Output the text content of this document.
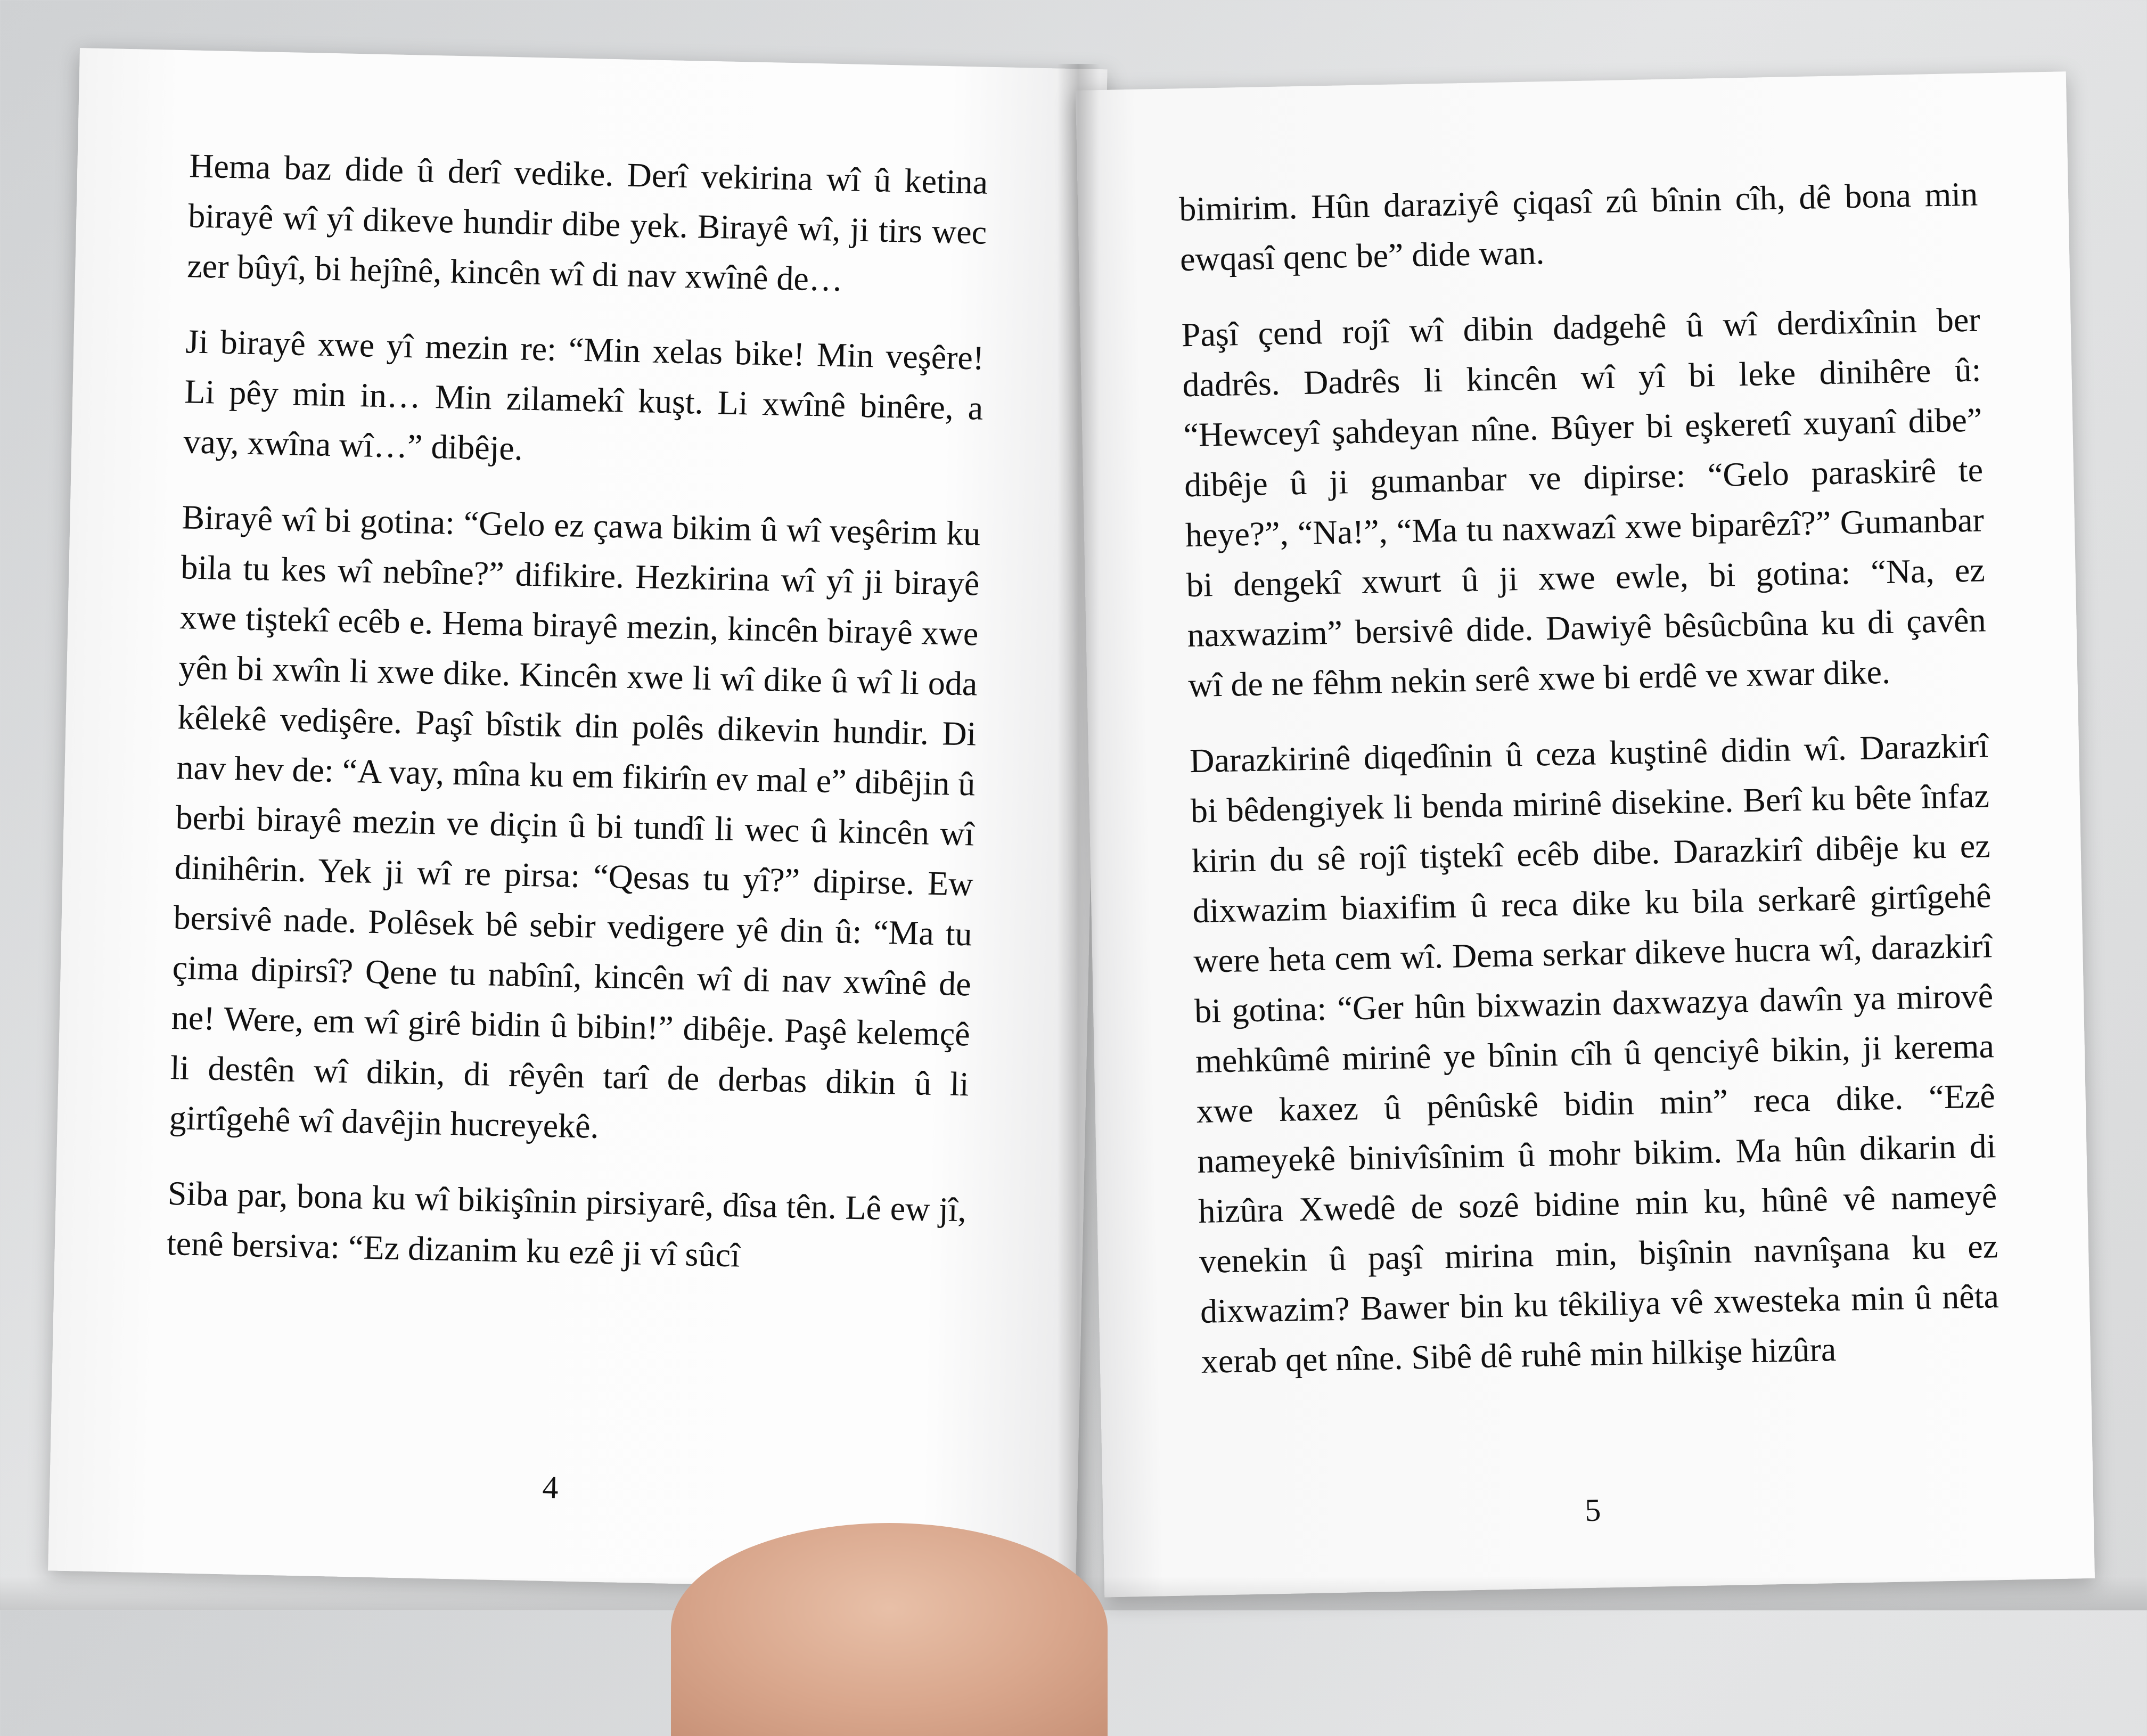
Hema baz dide û derî vedike. Derî vekirina wî û ketina birayê wî yî dikeve hundir dibe yek. Birayê wî, ji tirs wec zer bûyî, bi hejînê, kincên wî di nav xwînê de…

Ji birayê xwe yî mezin re: “Min xelas bike! Min veşêre! Li pêy min in… Min zilamekî kuşt. Li xwînê binêre, a vay, xwîna wî…” dibêje.

Birayê wî bi gotina: “Gelo ez çawa bikim û wî veşêrim ku bila tu kes wî nebîne?” difikire. Hezkirina wî yî ji birayê xwe tiştekî ecêb e. Hema birayê mezin, kincên birayê xwe yên bi xwîn li xwe dike. Kincên xwe li wî dike û wî li oda kêlekê vedişêre. Paşî bîstik din polês dikevin hundir. Di nav hev de: “A vay, mîna ku em fikirîn ev mal e” dibêjin û berbi birayê mezin ve diçin û bi tundî li wec û kincên wî dinihêrin. Yek ji wî re pirsa: “Qesas tu yî?” dipirse. Ew bersivê nade. Polêsek bê sebir vedigere yê din û: “Ma tu çima dipirsî? Qene tu nabînî, kincên wî di nav xwînê de ne! Were, em wî girê bidin û bibin!” dibêje. Paşê kelemçê li destên wî dikin, di rêyên tarî de derbas dikin û li girtîgehê wî davêjin hucreyekê.

Siba par, bona ku wî bikişînin pirsiyarê, dîsa tên. Lê ew jî, tenê bersiva: “Ez dizanim ku ezê ji vî sûcî

4

bimirim. Hûn daraziyê çiqasî zû bînin cîh, dê bona min ewqasî qenc be” dide wan.

Paşî çend rojî wî dibin dadgehê û wî derdixînin ber dadrês. Dadrês li kincên wî yî bi leke dinihêre û: “Hewceyî şahdeyan nîne. Bûyer bi eşkeretî xuyanî dibe” dibêje û ji gumanbar ve dipirse: “Gelo paraskirê te heye?”, “Na!”, “Ma tu naxwazî xwe biparêzî?” Gumanbar bi dengekî xwurt û ji xwe ewle, bi gotina: “Na, ez naxwazim” bersivê dide. Dawiyê bêsûcbûna ku di çavên wî de ne fêhm nekin serê xwe bi erdê ve xwar dike.

Darazkirinê diqedînin û ceza kuştinê didin wî. Darazkirî bi bêdengiyek li benda mirinê disekine. Berî ku bête înfaz kirin du sê rojî tiştekî ecêb dibe. Darazkirî dibêje ku ez dixwazim biaxifim û reca dike ku bila serkarê girtîgehê were heta cem wî. Dema serkar dikeve hucra wî, darazkirî bi gotina: “Ger hûn bixwazin daxwazya dawîn ya mirovê mehkûmê mirinê ye bînin cîh û qenciyê bikin, ji kerema xwe kaxez û pênûskê bidin min” reca dike. “Ezê nameyekê binivîsînim û mohr bikim. Ma hûn dikarin di hizûra Xwedê de sozê bidine min ku, hûnê vê nameyê venekin û paşî mirina min, bişînin navnîşana ku ez dixwazim? Bawer bin ku têkiliya vê xwesteka min û nêta xerab qet nîne. Sibê dê ruhê min hilkişe hizûra

5
